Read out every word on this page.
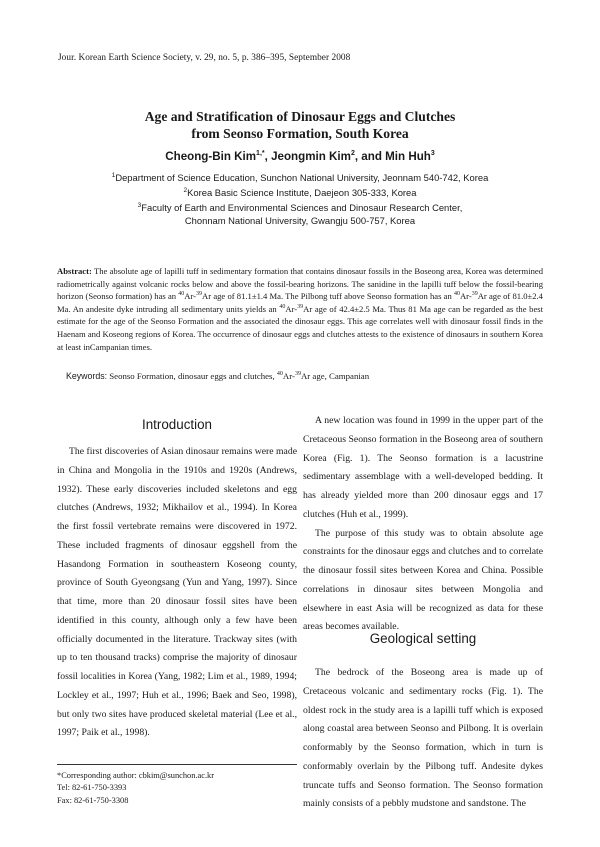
Jour. Korean Earth Science Society, v. 29, no. 5, p. 386–395, September 2008
Age and Stratification of Dinosaur Eggs and Clutches
from Seonso Formation, South Korea
Cheong-Bin Kim$^{1,*}$, Jeongmin Kim$^2$, and Min Huh$^3$
$^1$Department of Science Education, Sunchon National University, Jeonnam 540-742, Korea
$^2$Korea Basic Science Institute, Daejeon 305-333, Korea
$^3$Faculty of Earth and Environmental Sciences and Dinosaur Research Center,
Chonnam National University, Gwangju 500-757, Korea
Abstract: The absolute age of lapilli tuff in sedimentary formation that contains dinosaur fossils in the Boseong area, Korea was determined radiometrically against volcanic rocks below and above the fossil-bearing horizons. The sanidine in the lapilli tuff below the fossil-bearing horizon (Seonso formation) has an $^{40}$Ar-$^{39}$Ar age of 81.1±1.4 Ma. The Pilbong tuff above Seonso formation has an $^{40}$Ar-$^{39}$Ar age of 81.0±2.4 Ma. An andesite dyke intruding all sedimentary units yields an $^{40}$Ar-$^{39}$Ar age of 42.4±2.5 Ma. Thus 81 Ma age can be regarded as the best estimate for the age of the Seonso Formation and the associated the dinosaur eggs. This age correlates well with dinosaur fossil finds in the Haenam and Koseong regions of Korea. The occurrence of dinosaur eggs and clutches attests to the existence of dinosaurs in southern Korea at least inCampanian times.
Keywords: Seonso Formation, dinosaur eggs and clutches, $^{40}$Ar-$^{39}$Ar age, Campanian
Introduction

The first discoveries of Asian dinosaur remains were made in China and Mongolia in the 1910s and 1920s (Andrews, 1932). These early discoveries included skeletons and egg clutches (Andrews, 1932; Mikhailov et al., 1994). In Korea the first fossil vertebrate remains were discovered in 1972. These included fragments of dinosaur eggshell from the Hasandong Formation in southeastern Koseong county, province of South Gyeongsang (Yun and Yang, 1997). Since that time, more than 20 dinosaur fossil sites have been identified in this county, although only a few have been officially documented in the literature. Trackway sites (with up to ten thousand tracks) comprise the majority of dinosaur fossil localities in Korea (Yang, 1982; Lim et al., 1989, 1994; Lockley et al., 1997; Huh et al., 1996; Baek and Seo, 1998), but only two sites have produced skeletal material (Lee et al., 1997; Paik et al., 1998).

A new location was found in 1999 in the upper part of the Cretaceous Seonso formation in the Boseong area of southern Korea (Fig. 1). The Seonso formation is a lacustrine sedimentary assemblage with a well-developed bedding. It has already yielded more than 200 dinosaur eggs and 17 clutches (Huh et al., 1999).

The purpose of this study was to obtain absolute age constraints for the dinosaur eggs and clutches and to correlate the dinosaur fossil sites between Korea and China. Possible correlations in dinosaur sites between Mongolia and elsewhere in east Asia will be recognized as data for these areas becomes available.

Geological setting

The bedrock of the Boseong area is made up of Cretaceous volcanic and sedimentary rocks (Fig. 1). The oldest rock in the study area is a lapilli tuff which is exposed along coastal area between Seonso and Pilbong. It is overlain conformably by the Seonso formation, which in turn is conformably overlain by the Pilbong tuff. Andesite dykes truncate tuffs and Seonso formation. The Seonso formation mainly consists of a pebbly mudstone and sandstone. The

*Corresponding author: cbkim@sunchon.ac.kr
Tel: 82-61-750-3393
Fax: 82-61-750-3308
